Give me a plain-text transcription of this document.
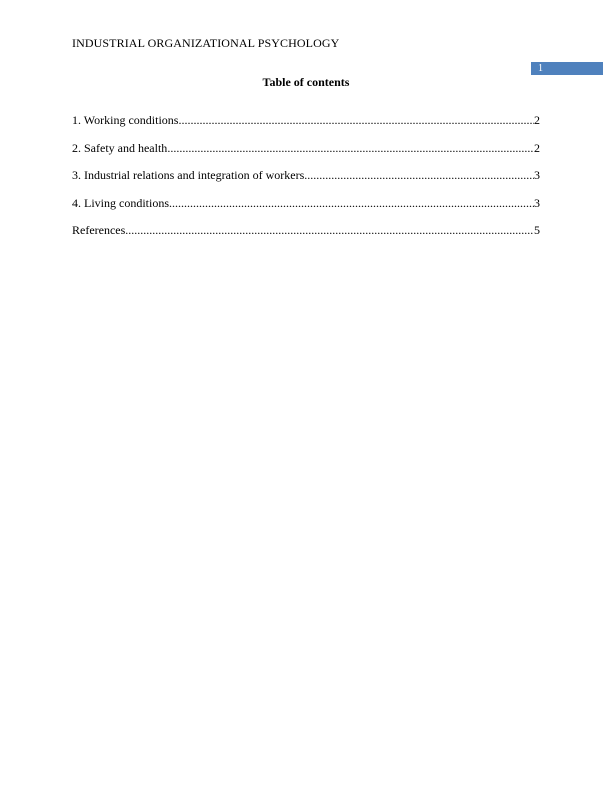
INDUSTRIAL ORGANIZATIONAL PSYCHOLOGY
1
Table of contents
1. Working conditions .....	2
2. Safety and health .....	2
3. Industrial relations and integration of workers .....	3
4. Living conditions .....	3
References .....	5
